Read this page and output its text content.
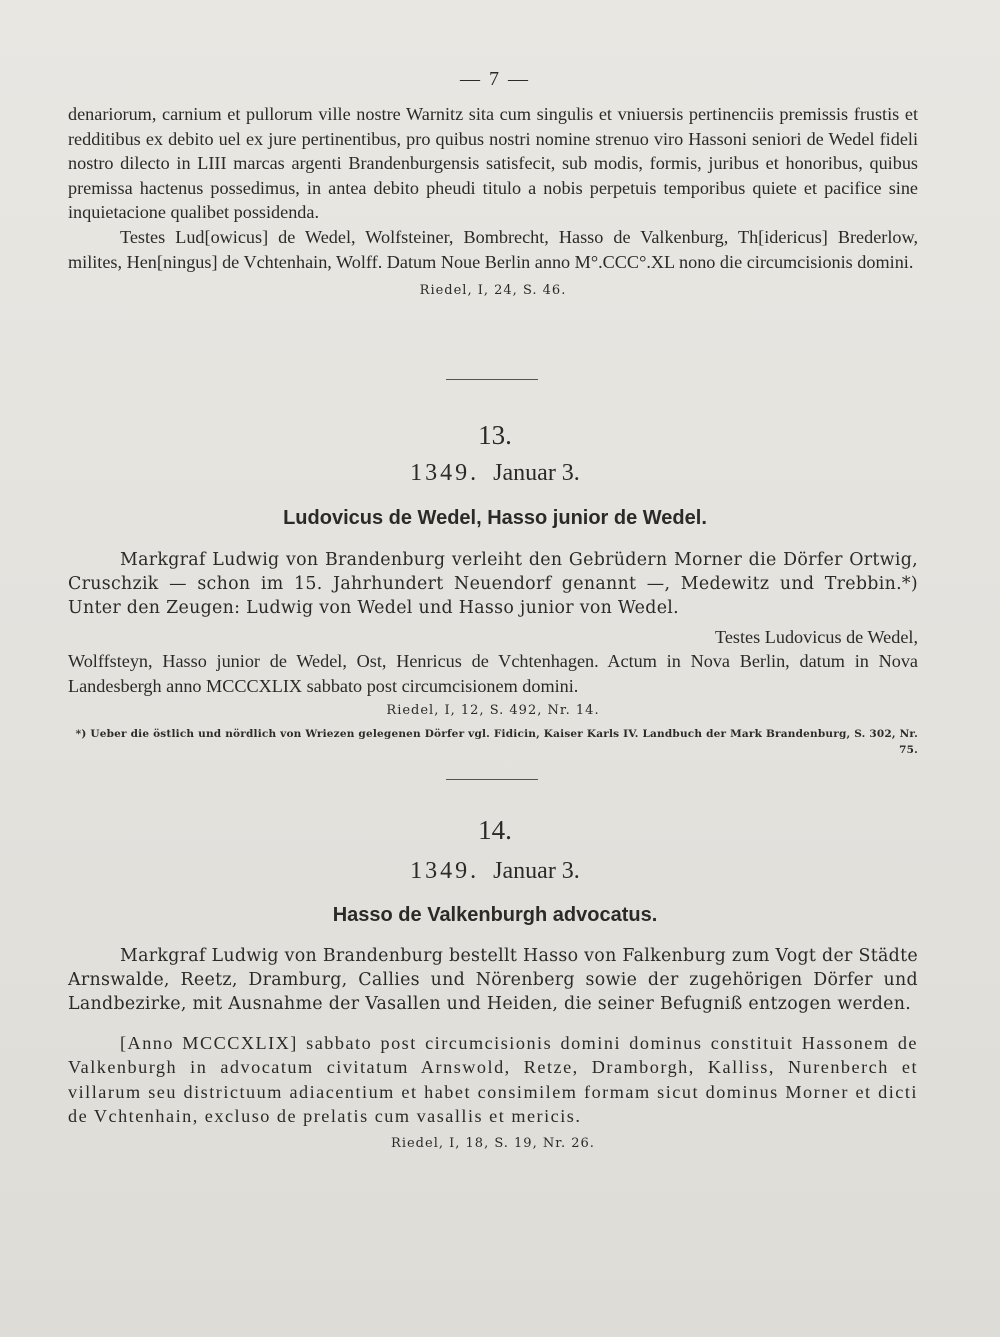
— 7 —

denariorum, carnium et pullorum ville nostre Warnitz sita cum singulis et vniuersis pertinenciis premissis frustis et redditibus ex debito uel ex jure pertinentibus, pro quibus nostri nomine strenuo viro Hassoni seniori de Wedel fideli nostro dilecto in LIII marcas argenti Brandenburgensis satisfecit, sub modis, formis, juribus et honoribus, quibus premissa hactenus possedimus, in antea debito pheudi titulo a nobis perpetuis temporibus quiete et pacifice sine inquietacione qualibet possidenda.

Testes Lud[owicus] de Wedel, Wolfsteiner, Bombrecht, Hasso de Valkenburg, Th[idericus] Brederlow, milites, Hen[ningus] de Vchtenhain, Wolff. Datum Noue Berlin anno M°.CCC°.XL nono die circumcisionis domini.

Riedel, I, 24, S. 46.

13.
1349. Januar 3.
Ludovicus de Wedel, Hasso junior de Wedel.

Markgraf Ludwig von Brandenburg verleiht den Gebrüdern Morner die Dörfer Ortwig, Cruschzik — schon im 15. Jahrhundert Neuendorf genannt —, Medewitz und Trebbin.*) Unter den Zeugen: Ludwig von Wedel und Hasso junior von Wedel.

Testes Ludovicus de Wedel,

Wolffsteyn, Hasso junior de Wedel, Ost, Henricus de Vchtenhagen. Actum in Nova Berlin, datum in Nova Landesbergh anno MCCCXLIX sabbato post circumcisionem domini.

Riedel, I, 12, S. 492, Nr. 14.

*) Ueber die östlich und nördlich von Wriezen gelegenen Dörfer vgl. Fidicin, Kaiser Karls IV. Landbuch der Mark Brandenburg, S. 302, Nr. 75.

14.
1349. Januar 3.
Hasso de Valkenburgh advocatus.

Markgraf Ludwig von Brandenburg bestellt Hasso von Falkenburg zum Vogt der Städte Arnswalde, Reetz, Dramburg, Callies und Nörenberg sowie der zugehörigen Dörfer und Landbezirke, mit Ausnahme der Vasallen und Heiden, die seiner Befugniß entzogen werden.

[Anno MCCCXLIX] sabbato post circumcisionis domini dominus constituit Hassonem de Valkenburgh in advocatum civitatum Arnswold, Retze, Dramborgh, Kalliss, Nurenberch et villarum seu districtuum adiacentium et habet consimilem formam sicut dominus Morner et dicti de Vchtenhain, excluso de prelatis cum vasallis et mericis.

Riedel, I, 18, S. 19, Nr. 26.
